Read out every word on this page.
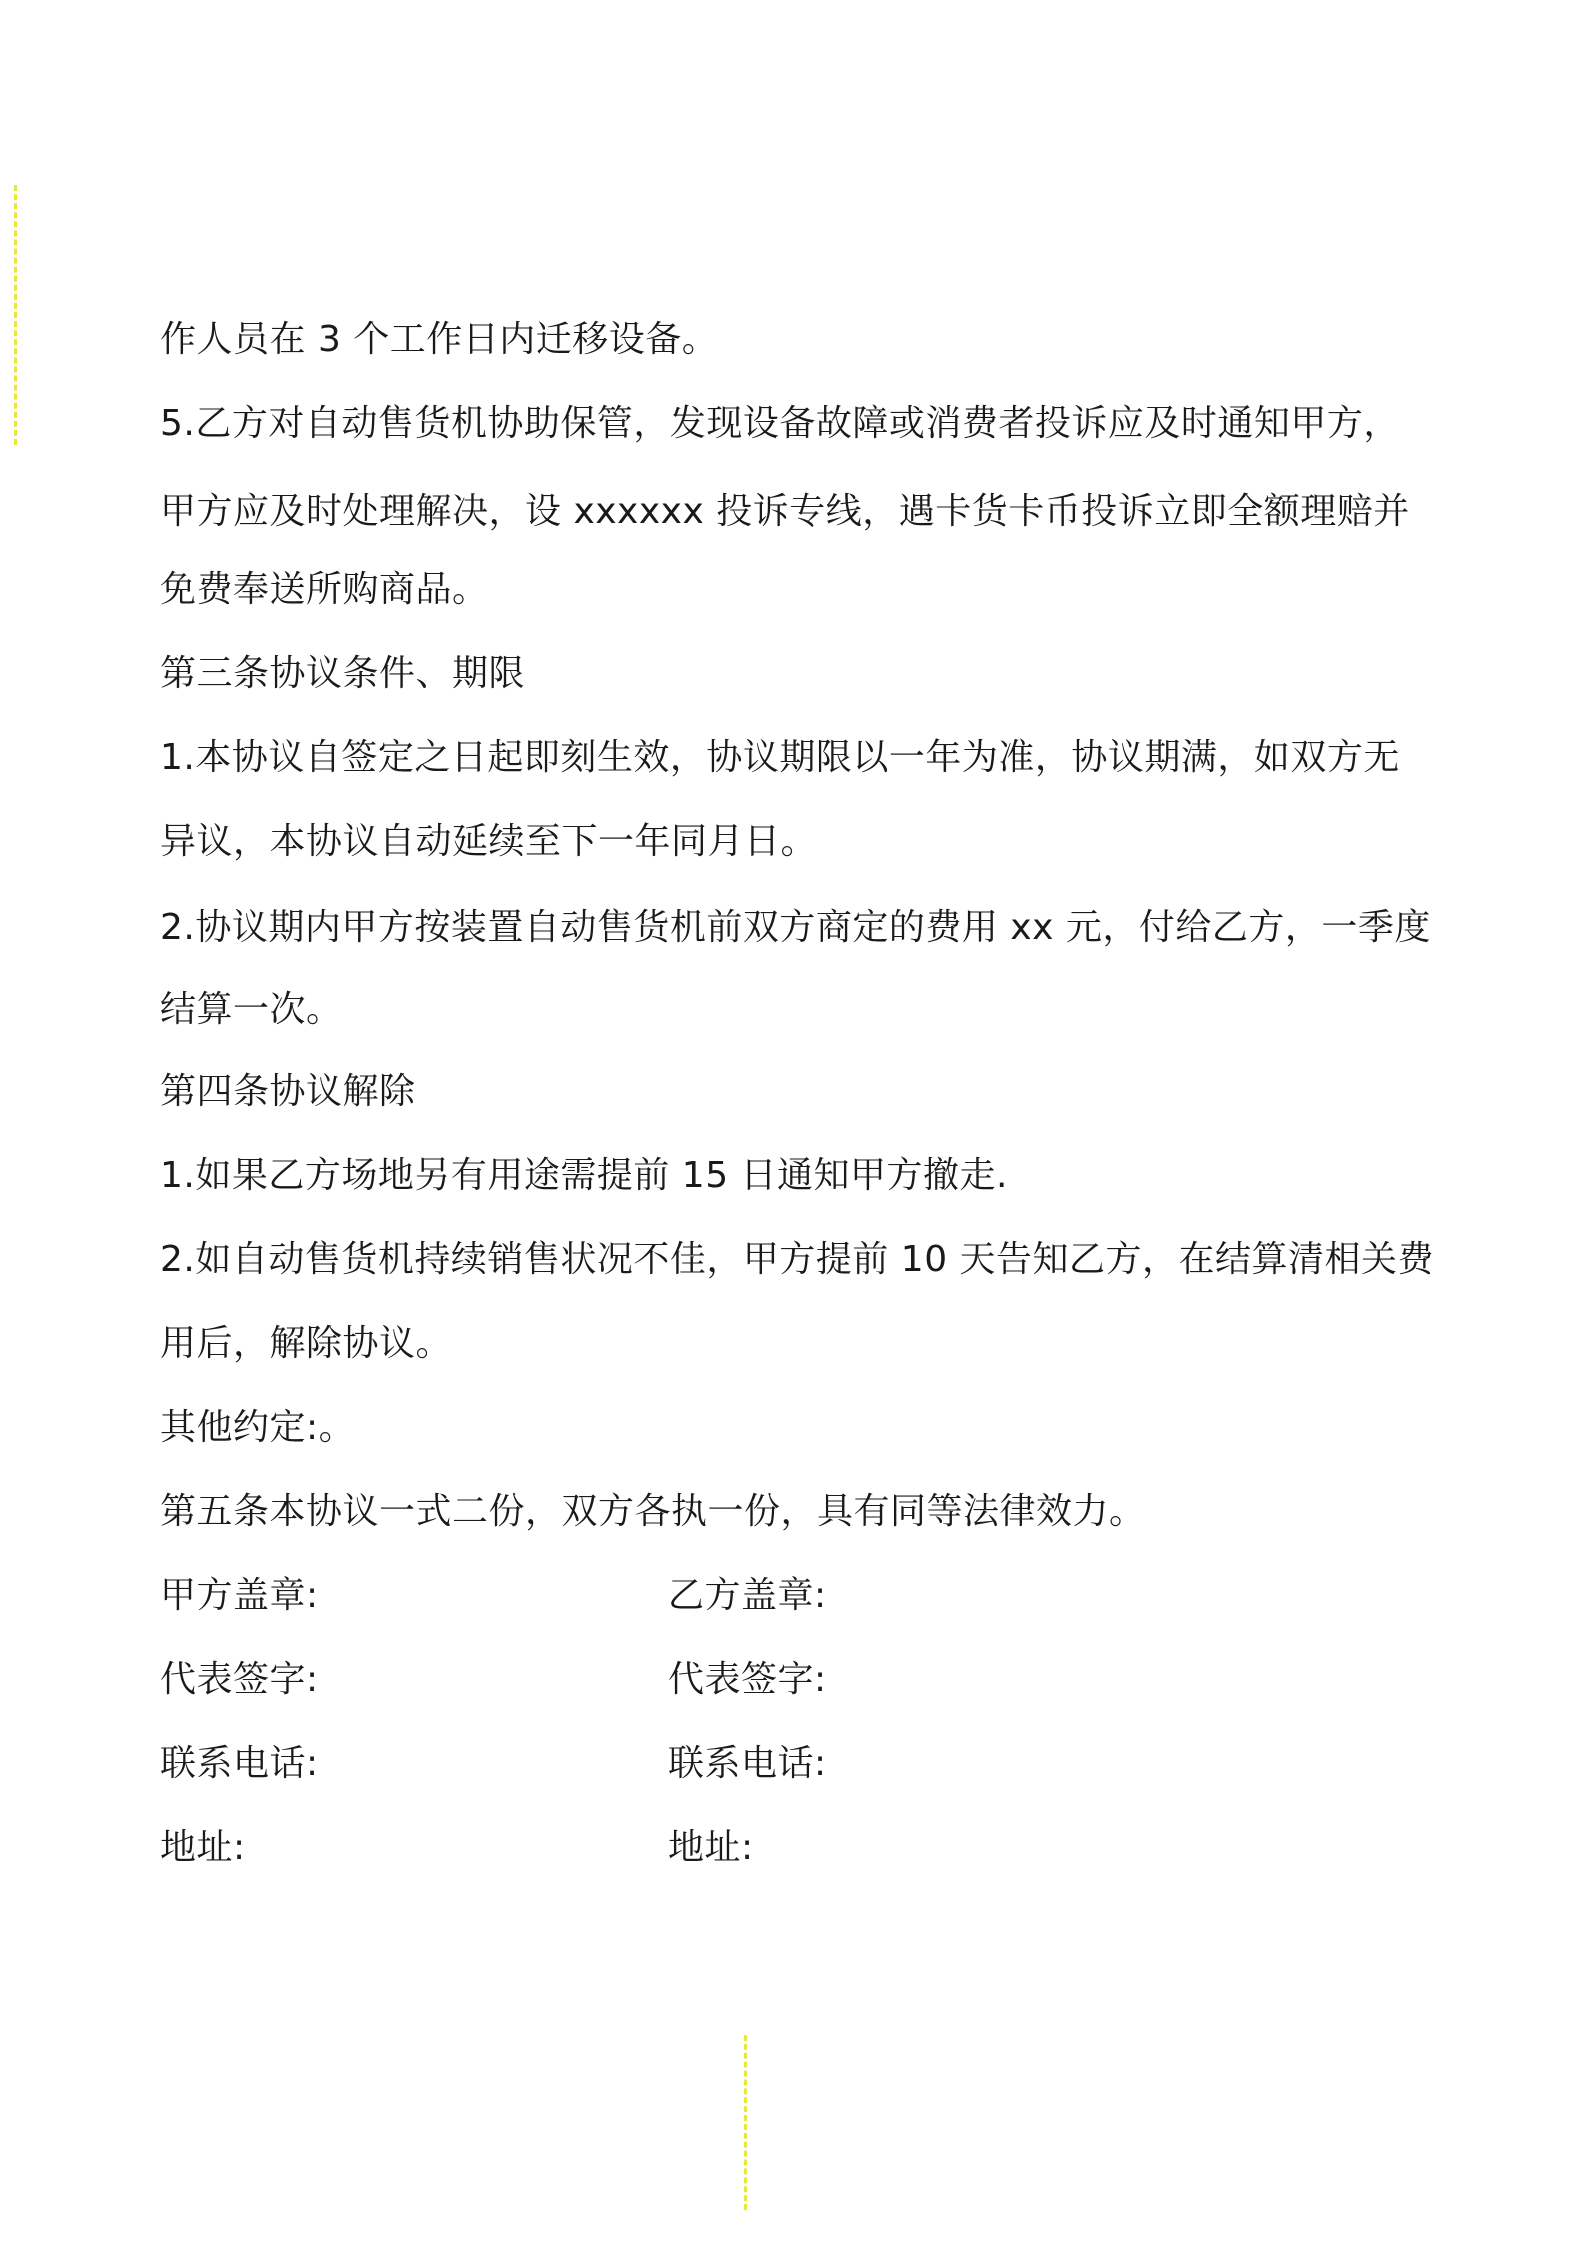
作人员在 3 个工作日内迁移设备。
5.乙方对自动售货机协助保管，发现设备故障或消费者投诉应及时通知甲方，
甲方应及时处理解决，设 xxxxxx 投诉专线，遇卡货卡币投诉立即全额理赔并
免费奉送所购商品。
第三条协议条件、期限
1.本协议自签定之日起即刻生效，协议期限以一年为准，协议期满，如双方无
异议，本协议自动延续至下一年同月日。
2.协议期内甲方按装置自动售货机前双方商定的费用 xx 元，付给乙方，一季度
结算一次。
第四条协议解除
1.如果乙方场地另有用途需提前 15 日通知甲方撤走.
2.如自动售货机持续销售状况不佳，甲方提前 10 天告知乙方，在结算清相关费
用后，解除协议。
其他约定:。
第五条本协议一式二份，双方各执一份，具有同等法律效力。
甲方盖章:	乙方盖章:
代表签字:	代表签字:
联系电话:	联系电话:
地址:	地址:
